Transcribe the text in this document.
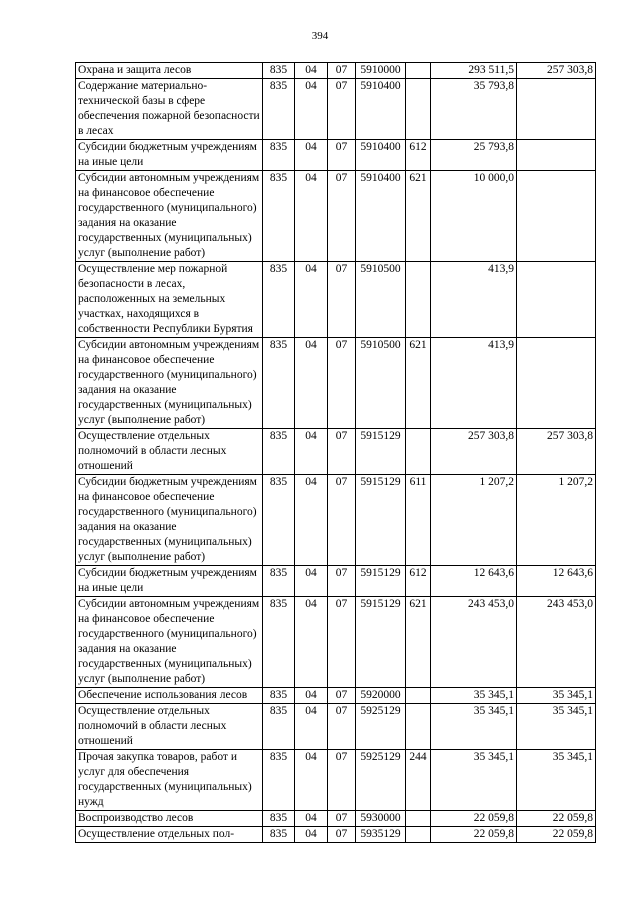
394
Охрана и защита лесов	835	04	07	5910000		293 511,5	257 303,8
Содержание материально-технической базы в сфере обеспечения пожарной безопасности в лесах	835	04	07	5910400		35 793,8	
Субсидии бюджетным учреждениям на иные цели	835	04	07	5910400	612	25 793,8	
Субсидии автономным учреждениям на финансовое обеспечение государственного (муниципального) задания на оказание государственных (муниципальных) услуг (выполнение работ)	835	04	07	5910400	621	10 000,0	
Осуществление мер пожарной безопасности в лесах, расположенных на земельных участках, находящихся в собственности Республики Бурятия	835	04	07	5910500		413,9	
Субсидии автономным учреждениям на финансовое обеспечение государственного (муниципального) задания на оказание государственных (муниципальных) услуг (выполнение работ)	835	04	07	5910500	621	413,9	
Осуществление отдельных полномочий в области лесных отношений	835	04	07	5915129		257 303,8	257 303,8
Субсидии бюджетным учреждениям на финансовое обеспечение государственного (муниципального) задания на оказание государственных (муниципальных) услуг (выполнение работ)	835	04	07	5915129	611	1 207,2	1 207,2
Субсидии бюджетным учреждениям на иные цели	835	04	07	5915129	612	12 643,6	12 643,6
Субсидии автономным учреждениям на финансовое обеспечение государственного (муниципального) задания на оказание государственных (муниципальных) услуг (выполнение работ)	835	04	07	5915129	621	243 453,0	243 453,0
Обеспечение использования лесов	835	04	07	5920000		35 345,1	35 345,1
Осуществление отдельных полномочий в области лесных отношений	835	04	07	5925129		35 345,1	35 345,1
Прочая закупка товаров, работ и услуг для обеспечения государственных (муниципальных) нужд	835	04	07	5925129	244	35 345,1	35 345,1
Воспроизводство лесов	835	04	07	5930000		22 059,8	22 059,8
Осуществление отдельных пол-	835	04	07	5935129		22 059,8	22 059,8
